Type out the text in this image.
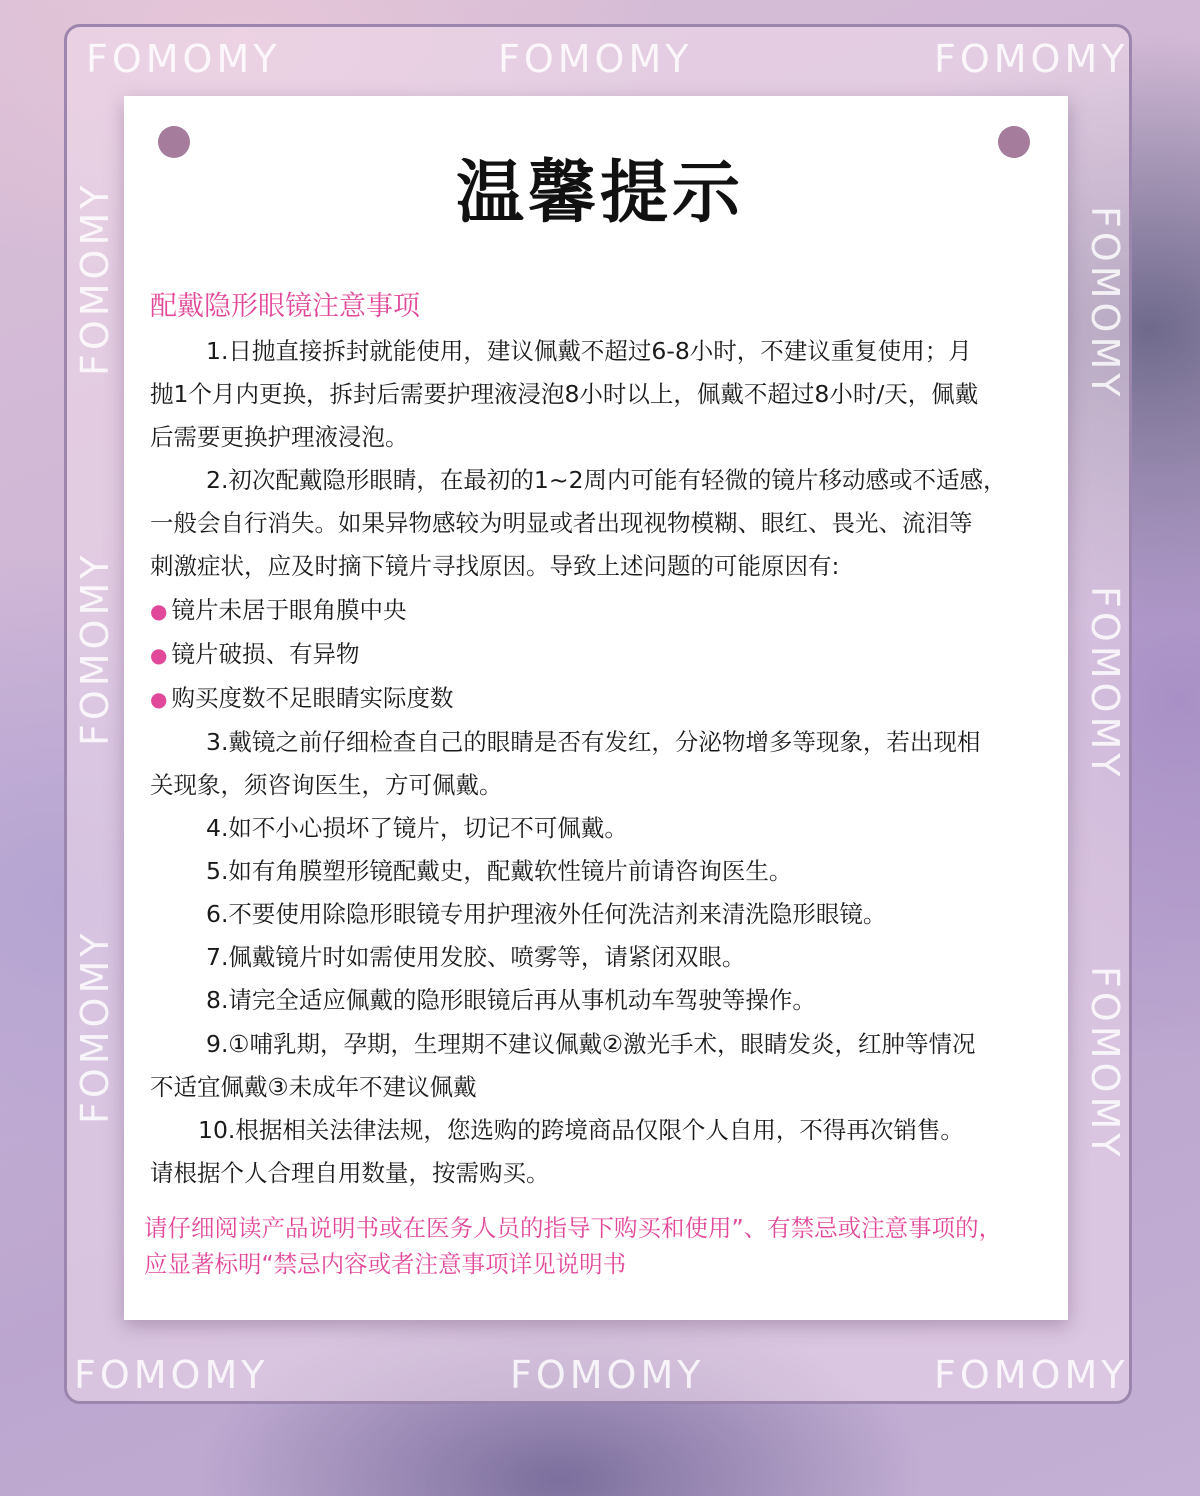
FOMOMY	FOMOMY	FOMOMY
FOMOMY	FOMOMY	FOMOMY
FOMOMY
FOMOMY
FOMOMY
FOMOMY
FOMOMY
FOMOMY
温馨提示
配戴隐形眼镜注意事项

1.日抛直接拆封就能使用，建议佩戴不超过6-8小时，不建议重复使用；月

抛1个月内更换，拆封后需要护理液浸泡8小时以上，佩戴不超过8小时/天，佩戴

后需要更换护理液浸泡。

2.初次配戴隐形眼睛，在最初的1~2周内可能有轻微的镜片移动感或不适感，

一般会自行消失。如果异物感较为明显或者出现视物模糊、眼红、畏光、流泪等

刺激症状，应及时摘下镜片寻找原因。导致上述问题的可能原因有:

● 镜片未居于眼角膜中央

● 镜片破损、有异物

● 购买度数不足眼睛实际度数

3.戴镜之前仔细检查自己的眼睛是否有发红，分泌物增多等现象，若出现相

关现象，须咨询医生，方可佩戴。

4.如不小心损坏了镜片，切记不可佩戴。

5.如有角膜塑形镜配戴史，配戴软性镜片前请咨询医生。

6.不要使用除隐形眼镜专用护理液外任何洗洁剂来清洗隐形眼镜。

7.佩戴镜片时如需使用发胶、喷雾等，请紧闭双眼。

8.请完全适应佩戴的隐形眼镜后再从事机动车驾驶等操作。

9.①哺乳期，孕期，生理期不建议佩戴②激光手术，眼睛发炎，红肿等情况

不适宜佩戴③未成年不建议佩戴

10.根据相关法律法规，您选购的跨境商品仅限个人自用，不得再次销售。

请根据个人合理自用数量，按需购买。

请仔细阅读产品说明书或在医务人员的指导下购买和使用”、有禁忌或注意事项的，

应显著标明“禁忌内容或者注意事项详见说明书
